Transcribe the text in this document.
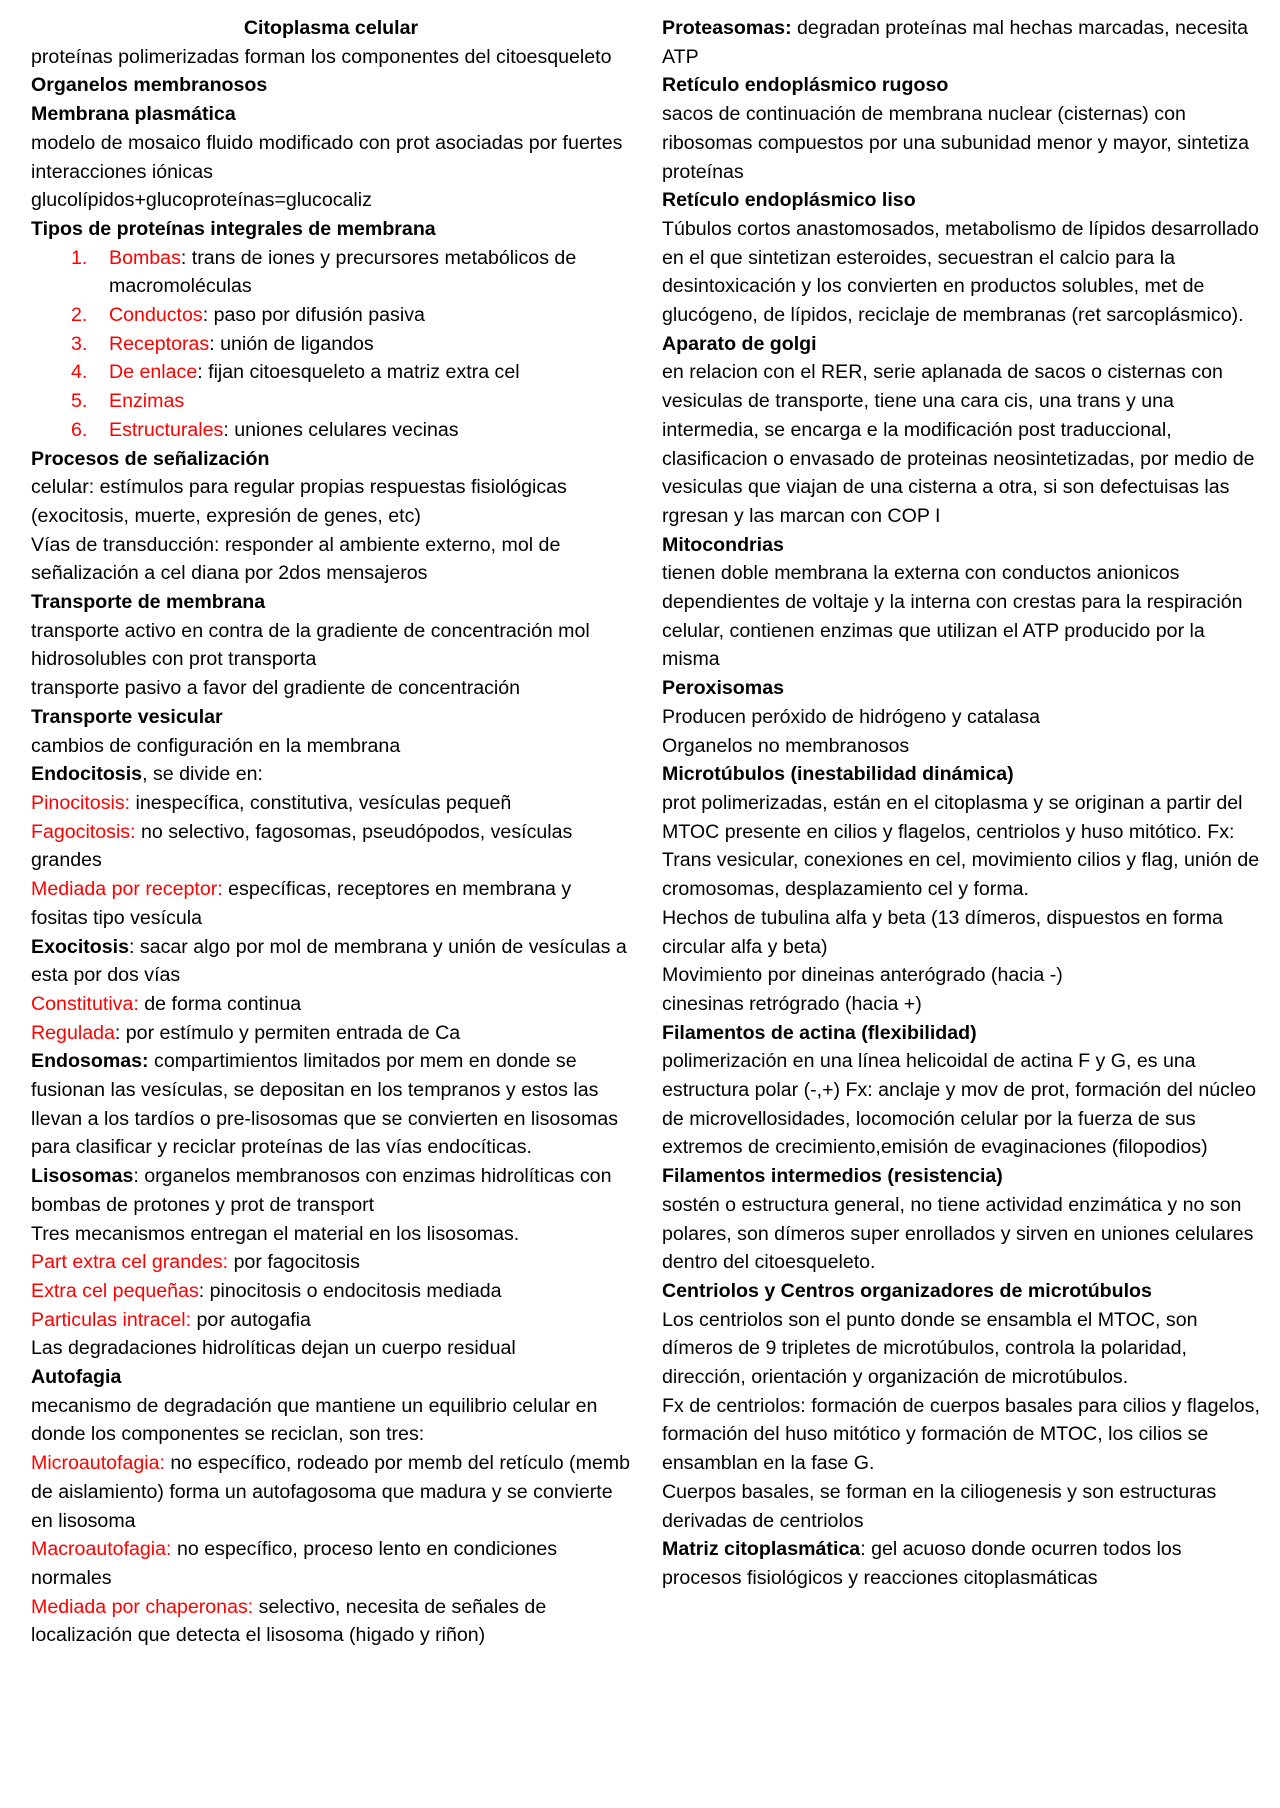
Citoplasma celular

proteínas polimerizadas forman los componentes del citoesqueleto

Organelos membranosos

Membrana plasmática

modelo de mosaico fluido modificado con prot asociadas por fuertes interacciones iónicas

glucolípidos+glucoproteínas=glucocaliz

Tipos de proteínas integrales de membrana

Bombas: trans de iones y precursores metabólicos de macromoléculas
Conductos: paso por difusión pasiva
Receptoras: unión de ligandos
De enlace: fijan citoesqueleto a matriz extra cel
Enzimas
Estructurales: uniones celulares vecinas

Procesos de señalización

celular: estímulos para regular propias respuestas fisiológicas (exocitosis, muerte, expresión de genes, etc)

Vías de transducción: responder al ambiente externo, mol de señalización a cel diana por 2dos mensajeros

Transporte de membrana

transporte activo en contra de la gradiente de concentración mol hidrosolubles con prot transporta

transporte pasivo a favor del gradiente de concentración

Transporte vesicular

cambios de configuración en la membrana

Endocitosis, se divide en:

Pinocitosis: inespecífica, constitutiva, vesículas pequeñ

Fagocitosis: no selectivo, fagosomas, pseudópodos, vesículas grandes

Mediada por receptor: específicas, receptores en membrana y fositas tipo vesícula

Exocitosis: sacar algo por mol de membrana y unión de vesículas a esta por dos vías

Constitutiva: de forma continua

Regulada: por estímulo y permiten entrada de Ca

Endosomas: compartimientos limitados por mem en donde se fusionan las vesículas, se depositan en los tempranos y estos las llevan a los tardíos o pre-lisosomas que se convierten en lisosomas para clasificar y reciclar proteínas de las vías endocíticas.

Lisosomas: organelos membranosos con enzimas hidrolíticas con bombas de protones y prot de transport

Tres mecanismos entregan el material en los lisosomas.

Part extra cel grandes: por fagocitosis

Extra cel pequeñas: pinocitosis o endocitosis mediada

Particulas intracel: por autogafia

Las degradaciones hidrolíticas dejan un cuerpo residual

Autofagia

mecanismo de degradación que mantiene un equilibrio celular en donde los componentes se reciclan, son tres:

Microautofagia: no específico, rodeado por memb del retículo (memb de aislamiento) forma un autofagosoma que madura y se convierte en lisosoma

Macroautofagia: no específico, proceso lento en condiciones normales

Mediada por chaperonas: selectivo, necesita de señales de localización que detecta el lisosoma (higado y riñon)

Proteasomas: degradan proteínas mal hechas marcadas, necesita ATP

Retículo endoplásmico rugoso

sacos de continuación de membrana nuclear (cisternas) con ribosomas compuestos por una subunidad menor y mayor, sintetiza proteínas

Retículo endoplásmico liso

Túbulos cortos anastomosados, metabolismo de lípidos desarrollado en el que sintetizan esteroides, secuestran el calcio para la desintoxicación y los convierten en productos solubles, met de glucógeno, de lípidos, reciclaje de membranas (ret sarcoplásmico).

Aparato de golgi

en relacion con el RER, serie aplanada de sacos o cisternas con vesiculas de transporte, tiene una cara cis, una trans y una intermedia, se encarga e la modificación post traduccional, clasificacion o envasado de proteinas neosintetizadas, por medio de vesiculas que viajan de una cisterna a otra, si son defectuisas las rgresan y las marcan con COP I

Mitocondrias

tienen doble membrana la externa con conductos anionicos dependientes de voltaje y la interna con crestas para la respiración celular, contienen enzimas que utilizan el ATP producido por la misma

Peroxisomas

Producen peróxido de hidrógeno y catalasa

Organelos no membranosos

Microtúbulos (inestabilidad dinámica)

prot polimerizadas, están en el citoplasma y se originan a partir del MTOC presente en cilios y flagelos, centriolos y huso mitótico. Fx: Trans vesicular, conexiones en cel, movimiento cilios y flag, unión de cromosomas, desplazamiento cel y forma.

Hechos de tubulina alfa y beta (13 dímeros, dispuestos en forma circular alfa y beta)

Movimiento por dineinas anterógrado (hacia -)

cinesinas retrógrado (hacia +)

Filamentos de actina (flexibilidad)

polimerización en una línea helicoidal de actina F y G, es una estructura polar (-,+) Fx: anclaje y mov de prot, formación del núcleo de microvellosidades, locomoción celular por la fuerza de sus extremos de crecimiento,emisión de evaginaciones (filopodios)

Filamentos intermedios (resistencia)

sostén o estructura general, no tiene actividad enzimática y no son polares, son dímeros super enrollados y sirven en uniones celulares dentro del citoesqueleto.

Centriolos y Centros organizadores de microtúbulos

Los centriolos son el punto donde se ensambla el MTOC, son dímeros de 9 tripletes de microtúbulos, controla la polaridad, dirección, orientación y organización de microtúbulos.

Fx de centriolos: formación de cuerpos basales para cilios y flagelos, formación del huso mitótico y formación de MTOC, los cilios se ensamblan en la fase G.

Cuerpos basales, se forman en la ciliogenesis y son estructuras derivadas de centriolos

Matriz citoplasmática: gel acuoso donde ocurren todos los procesos fisiológicos y reacciones citoplasmáticas
